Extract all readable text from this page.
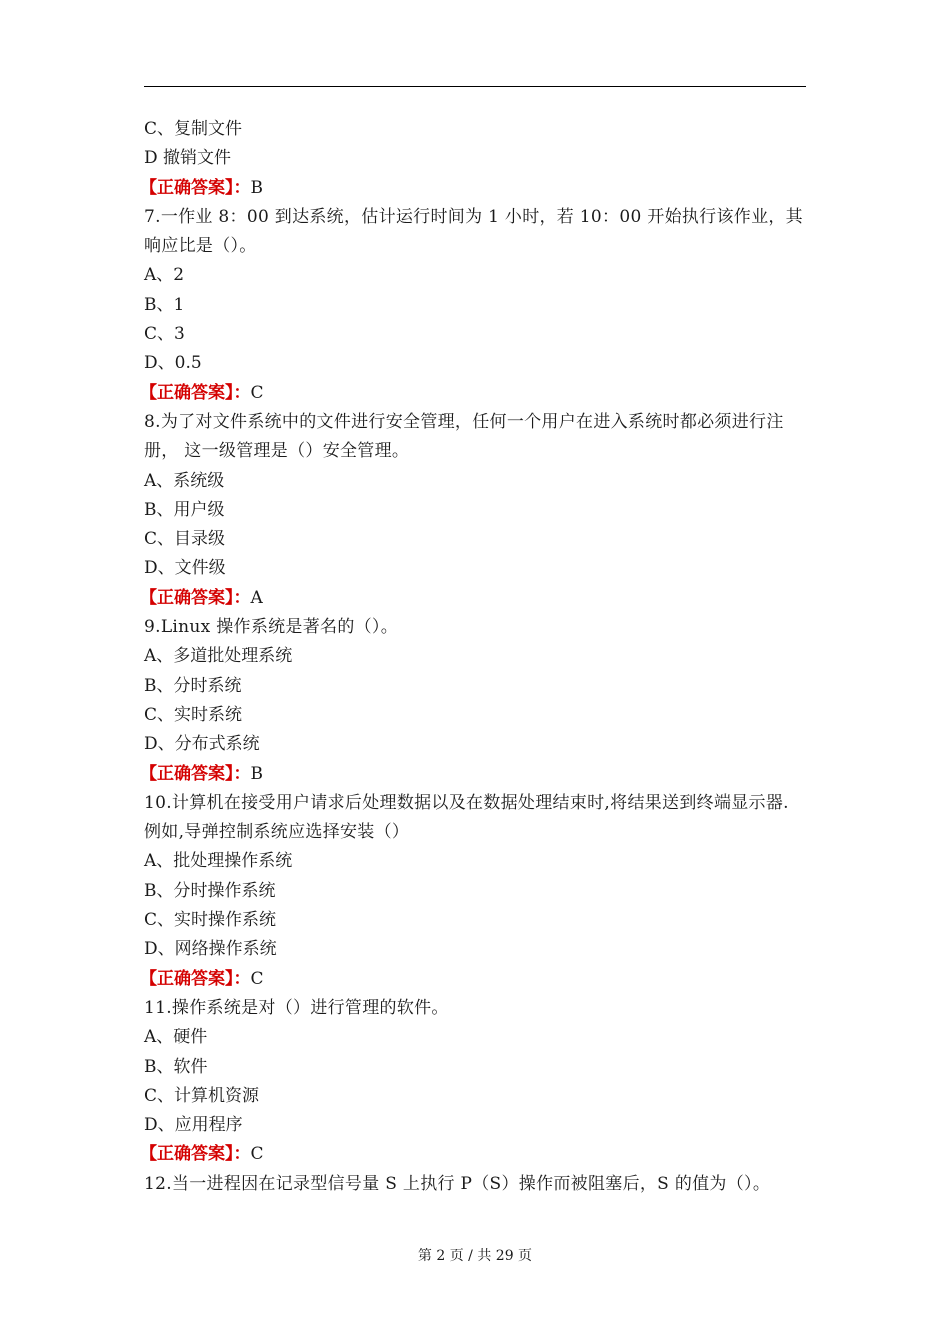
C、复制文件
D 撤销文件
【正确答案】：B
7.一作业 8：00 到达系统，估计运行时间为 1 小时，若 10：00 开始执行该作业，其响应比是（）。
A、2
B、1
C、3
D、0.5
【正确答案】：C
8.为了对文件系统中的文件进行安全管理，任何一个用户在进入系统时都必须进行注册， 这一级管理是（）安全管理。
A、系统级
B、用户级
C、目录级
D、文件级
【正确答案】：A
9.Linux 操作系统是著名的（）。
A、多道批处理系统
B、分时系统
C、实时系统
D、分布式系统
【正确答案】：B
10.计算机在接受用户请求后处理数据以及在数据处理结束时,将结果送到终端显示器.例如,导弹控制系统应选择安装（）
A、批处理操作系统
B、分时操作系统
C、实时操作系统
D、网络操作系统
【正确答案】：C
11.操作系统是对（）进行管理的软件。
A、硬件
B、软件
C、计算机资源
D、应用程序
【正确答案】：C
12.当一进程因在记录型信号量 S 上执行 P（S）操作而被阻塞后，S 的值为（）。
第 2 页 / 共 29 页
